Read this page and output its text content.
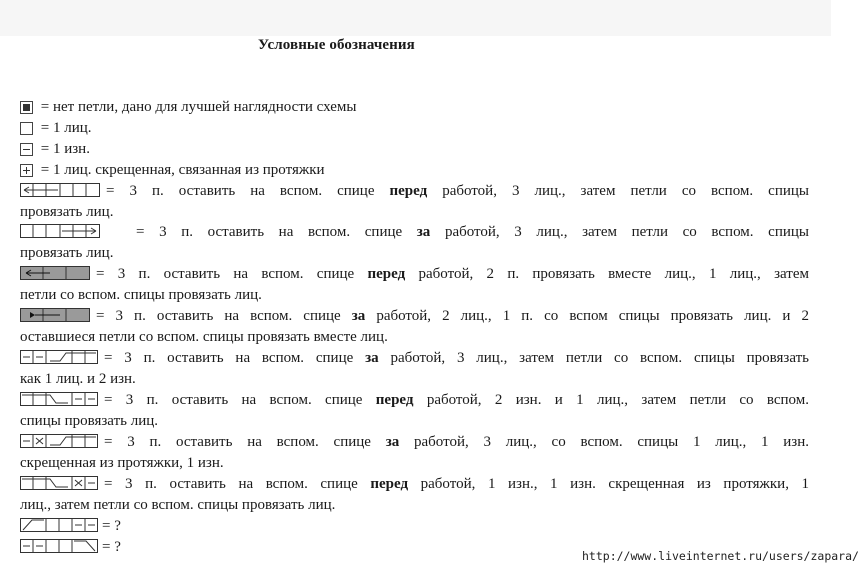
Условные обозначения
= нет петли, дано для лучшей наглядности схемы
= 1 лиц.
= 1 изн.
= 1 лиц. скрещенная, связанная из протяжки
= 3 п. оставить на вспом. спице перед работой, 3 лиц., затем петли со вспом. спицы
провязать лиц.
= 3 п. оставить на вспом. спице за работой, 3 лиц., затем петли со вспом. спицы
провязать лиц.
= 3 п. оставить на вспом. спице перед работой, 2 п. провязать вместе лиц., 1 лиц., затем
петли со вспом. спицы провязать лиц.
= 3 п. оставить на вспом. спице за работой, 2 лиц., 1 п. со вспом спицы провязать лиц. и 2
оставшиеся петли со вспом. спицы провязать вместе лиц.
= 3 п. оставить на вспом. спице за работой, 3 лиц., затем петли со вспом. спицы провязать
как 1 лиц. и 2 изн.
= 3 п. оставить на вспом. спице перед работой, 2 изн. и 1 лиц., затем петли со вспом.
спицы провязать лиц.
= 3 п. оставить на вспом. спице за работой, 3 лиц., со вспом. спицы 1 лиц., 1 изн.
скрещенная из протяжки, 1 изн.
= 3 п. оставить на вспом. спице перед работой, 1 изн., 1 изн. скрещенная из протяжки, 1
лиц., затем петли со вспом. спицы провязать лиц.
= ?
= ?
http://www.liveinternet.ru/users/zapara/
